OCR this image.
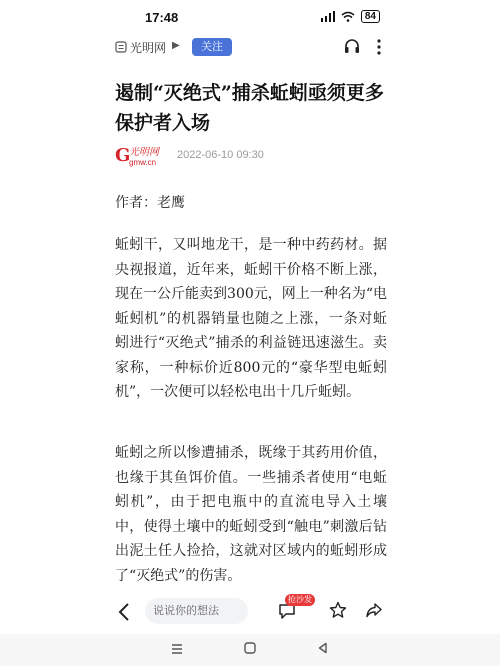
17:48	84
光明网 ▶	关注
遏制“灭绝式”捕杀蚯蚓亟须更多保护者入场
G
光明网
gmw.cn
2022-06-10 09:30
作者：老鹰

蚯蚓干，又叫地龙干，是一种中药药材。据央视报道，近年来，蚯蚓干价格不断上涨，现在一公斤能卖到300元，网上一种名为“电蚯蚓机”的机器销量也随之上涨，一条对蚯蚓进行“灭绝式”捕杀的利益链迅速滋生。卖家称，一种标价近800元的“豪华型电蚯蚓机”，一次便可以轻松电出十几斤蚯蚓。

蚯蚓之所以惨遭捕杀，既缘于其药用价值，也缘于其鱼饵价值。一些捕杀者使用“电蚯蚓机”，由于把电瓶中的直流电导入土壤中，使得土壤中的蚯蚓受到“触电”刺激后钻出泥土任人捡拾，这就对区域内的蚯蚓形成了“灭绝式”的伤害。

说说你的想法
抢沙发
